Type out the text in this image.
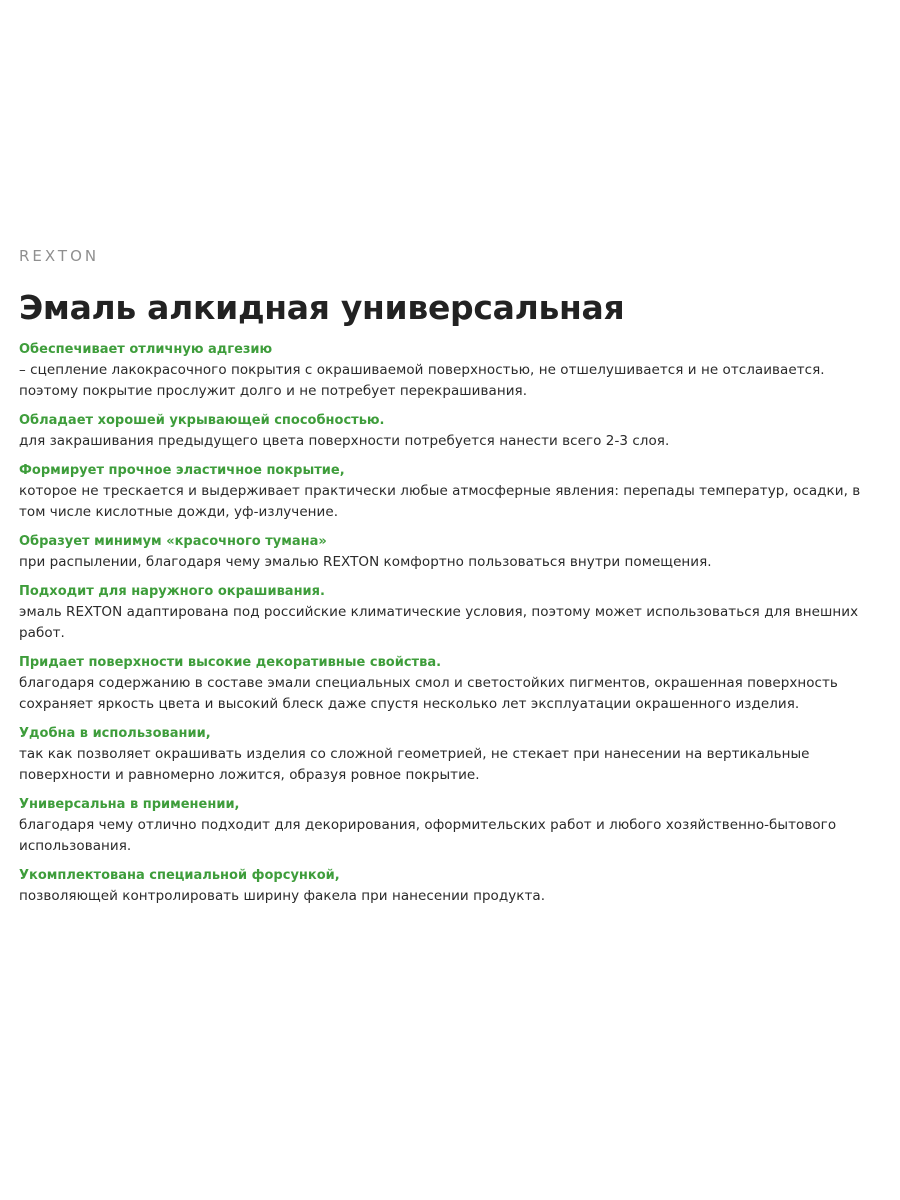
REXTON

Эмаль алкидная универсальная

Обеспечивает отличную адгезию

– сцепление лакокрасочного покрытия с окрашиваемой поверхностью, не отшелушивается и не отслаивается.

поэтому покрытие прослужит долго и не потребует перекрашивания.

Обладает хорошей укрывающей способностью.

для закрашивания предыдущего цвета поверхности потребуется нанести всего 2-3 слоя.

Формирует прочное эластичное покрытие,

которое не трескается и выдерживает практически любые атмосферные явления: перепады температур, осадки, в

том числе кислотные дожди, уф-излучение.

Образует минимум «красочного тумана»

при распылении, благодаря чему эмалью REXTON комфортно пользоваться внутри помещения.

Подходит для наружного окрашивания.

эмаль REXTON адаптирована под российские климатические условия, поэтому может использоваться для внешних

работ.

Придает поверхности высокие декоративные свойства.

благодаря содержанию в составе эмали специальных смол и светостойких пигментов, окрашенная поверхность

сохраняет яркость цвета и высокий блеск даже спустя несколько лет эксплуатации окрашенного изделия.

Удобна в использовании,

так как позволяет окрашивать изделия со сложной геометрией, не стекает при нанесении на вертикальные

поверхности и равномерно ложится, образуя ровное покрытие.

Универсальна в применении,

благодаря чему отлично подходит для декорирования, оформительских работ и любого хозяйственно-бытового

использования.

Укомплектована специальной форсункой,

позволяющей контролировать ширину факела при нанесении продукта.
